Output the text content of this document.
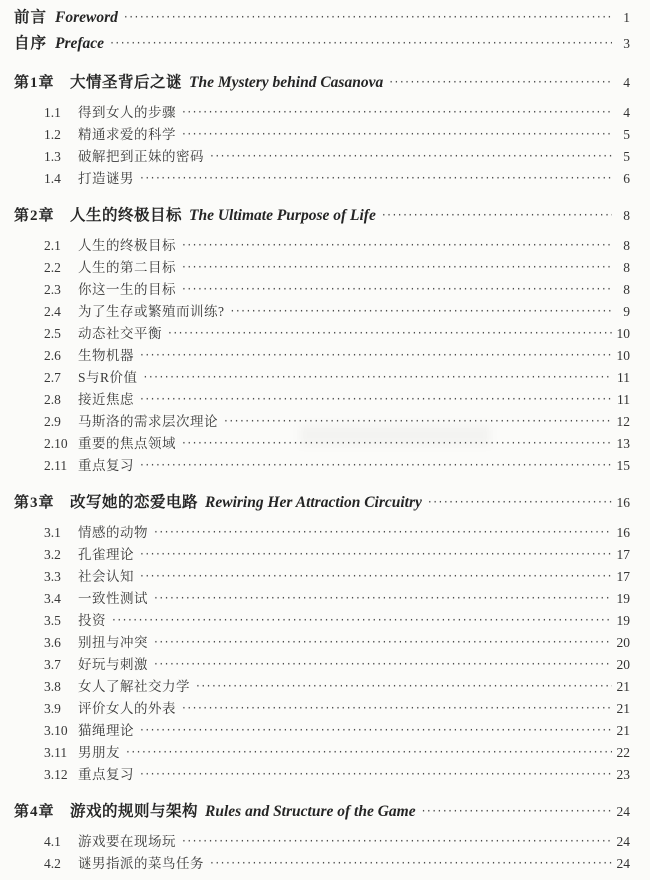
前言 Foreword ·····	1
自序 Preface ·····	3
第1章 大情圣背后之谜 The Mystery behind Casanova ·····	4
1.1	得到女人的步骤 ·····	4
1.2	精通求爱的科学 ·····	5
1.3	破解把到正妹的密码 ·····	5
1.4	打造谜男 ·····	6
第2章 人生的终极目标 The Ultimate Purpose of Life ·····	8
2.1	人生的终极目标 ·····	8
2.2	人生的第二目标 ·····	8
2.3	你这一生的目标 ·····	8
2.4	为了生存或繁殖而训练? ·····	9
2.5	动态社交平衡 ·····	10
2.6	生物机器 ·····	10
2.7	S与R价值 ·····	11
2.8	接近焦虑 ·····	11
2.9	马斯洛的需求层次理论 ·····	12
2.10 重要的焦点领域 ·····	13
2.11 重点复习 ·····	15
第3章 改写她的恋爱电路 Rewiring Her Attraction Circuitry ·····	16
3.1	情感的动物 ·····	16
3.2	孔雀理论 ·····	17
3.3	社会认知 ·····	17
3.4	一致性测试 ·····	19
3.5	投资 ·····	19
3.6	别扭与冲突 ·····	20
3.7	好玩与刺激 ·····	20
3.8	女人了解社交力学 ·····	21
3.9	评价女人的外表 ·····	21
3.10 猫绳理论 ·····	21
3.11 男朋友 ·····	22
3.12 重点复习 ·····	23
第4章 游戏的规则与架构 Rules and Structure of the Game ·····	24
4.1	游戏要在现场玩 ·····	24
4.2	谜男指派的菜鸟任务 ·····	24
